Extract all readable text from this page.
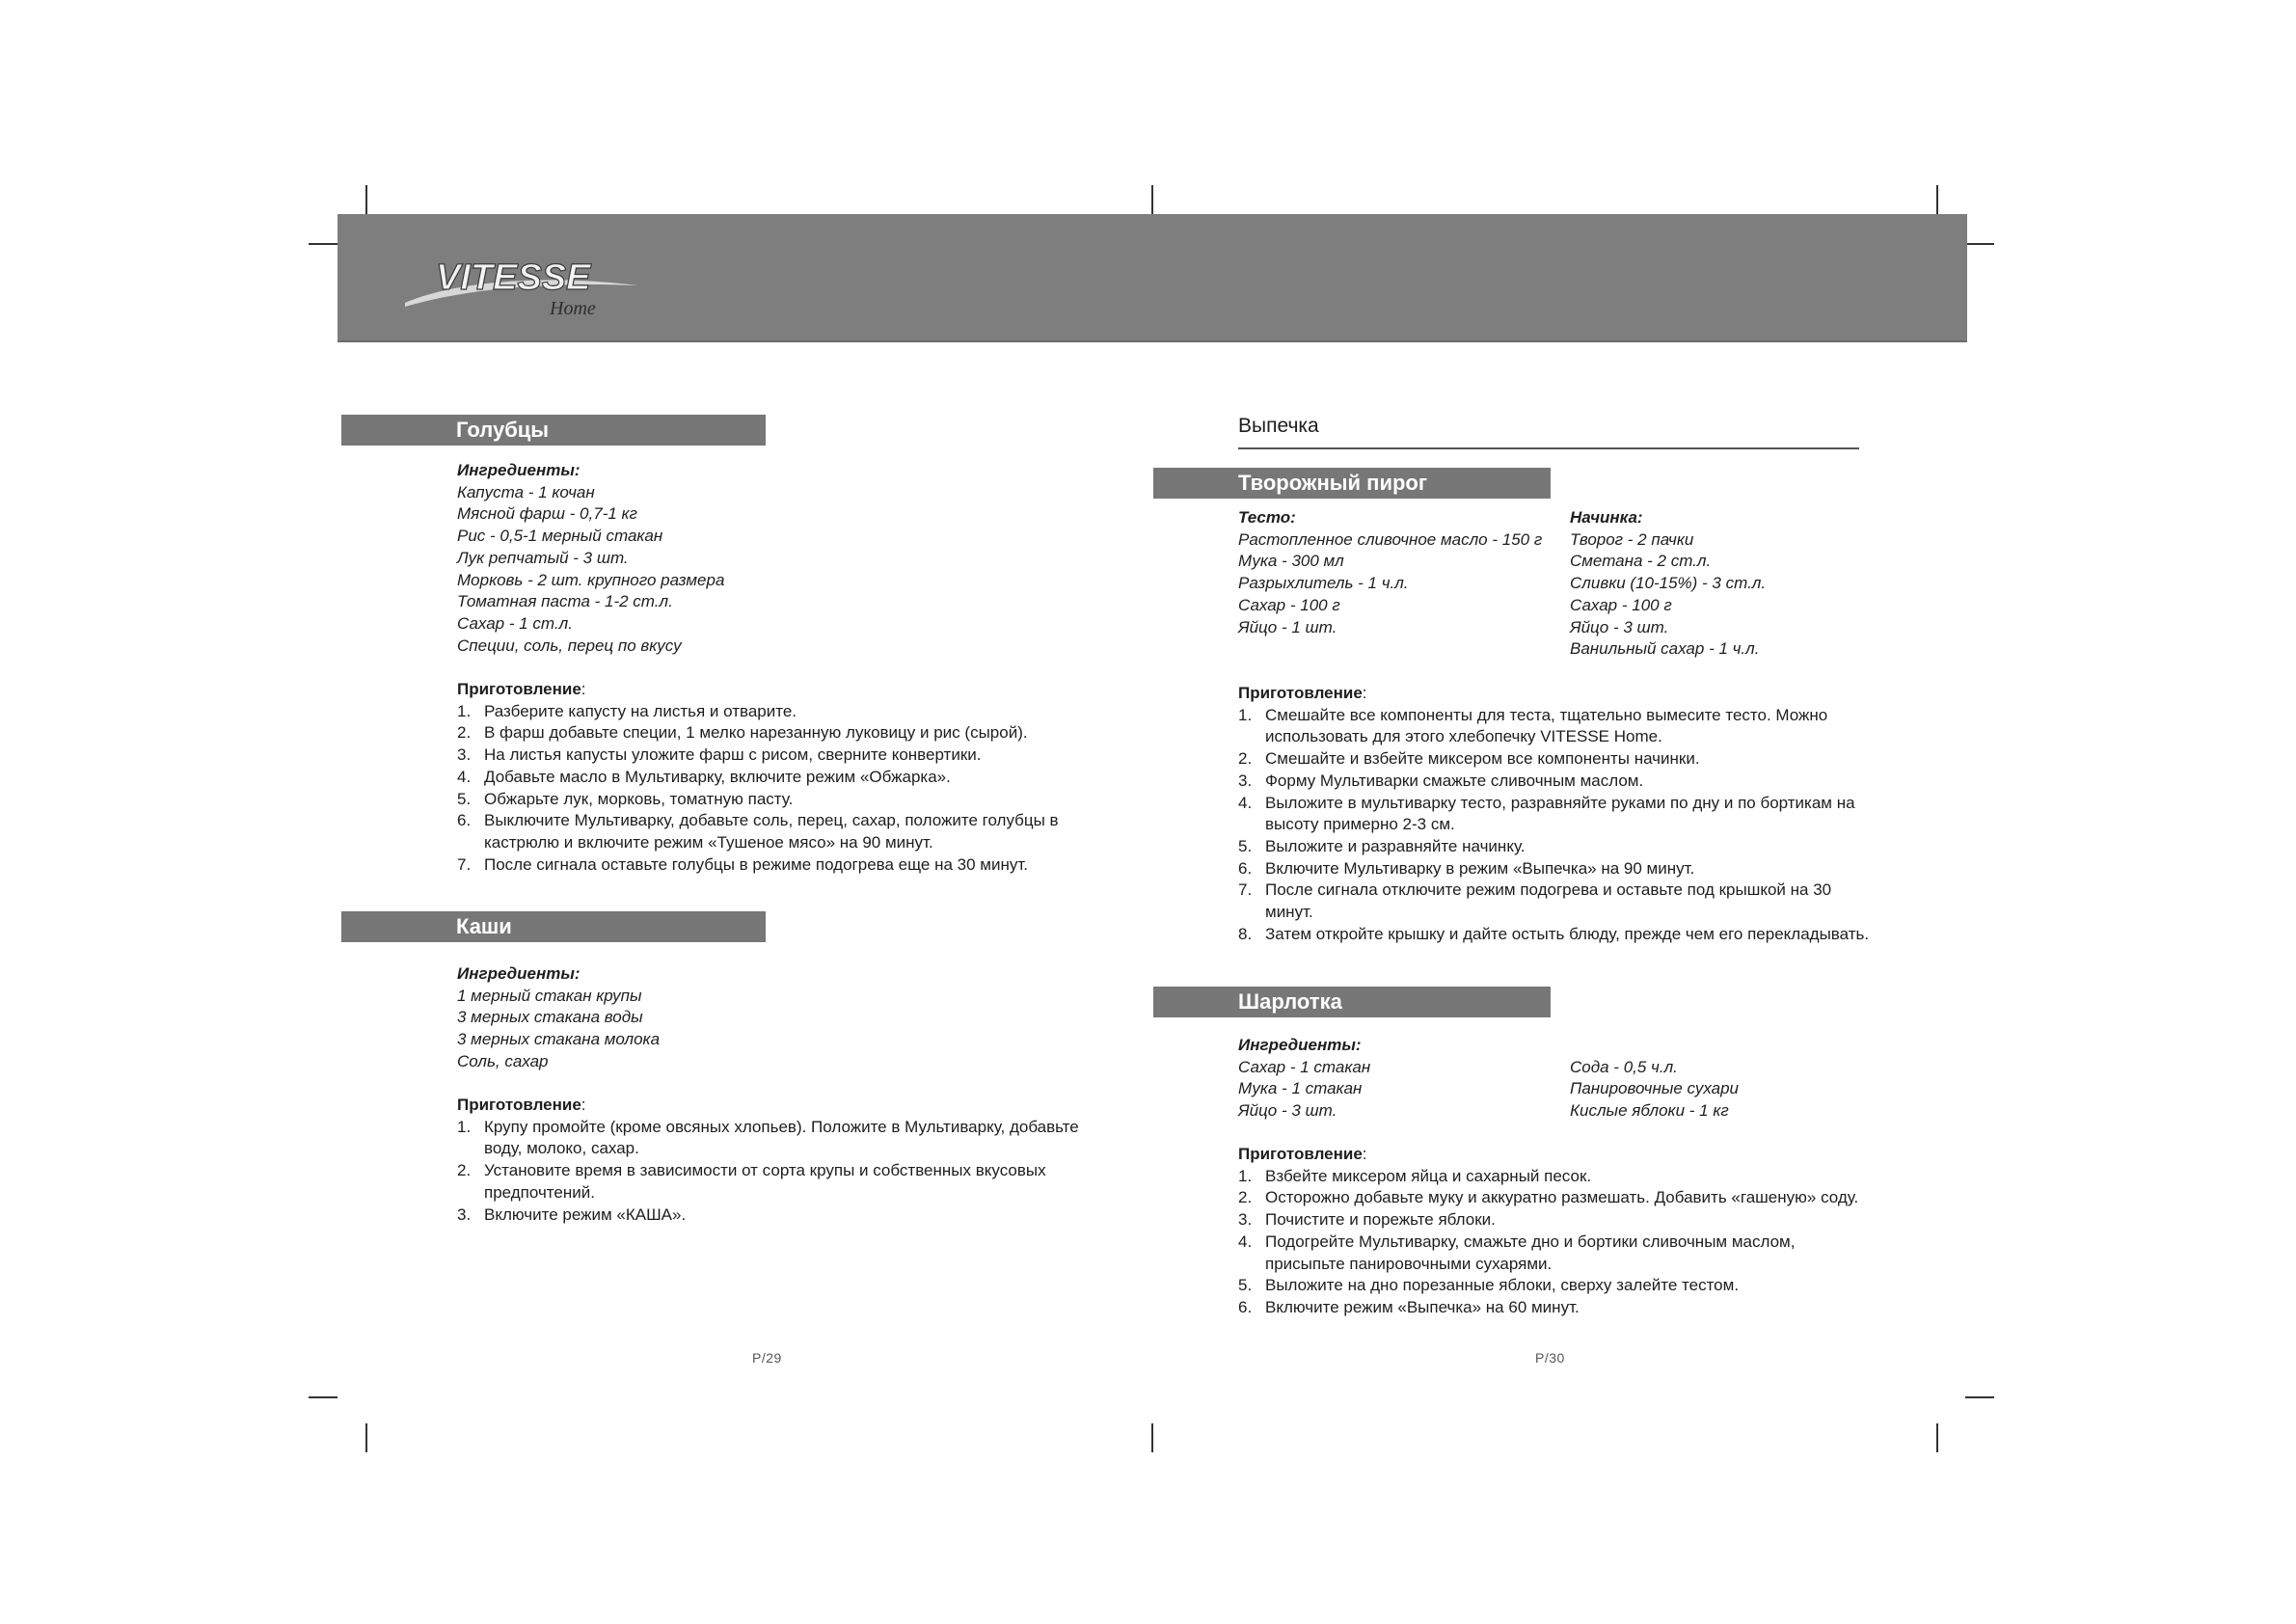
VITESSE
Home
Голубцы

Ингредиенты:

Капуста - 1 кочан

Мясной фарш - 0,7-1 кг

Рис - 0,5-1 мерный стакан

Лук репчатый - 3 шт.

Морковь - 2 шт. крупного размера

Томатная паста - 1-2 ст.л.

Сахар - 1 ст.л.

Специи, соль, перец по вкусу

Приготовление:

1. Разберите капусту на листья и отварите.
2. В фарш добавьте специи, 1 мелко нарезанную луковицу и рис (сырой).
3. На листья капусты уложите фарш с рисом, сверните конвертики.
4. Добавьте масло в Мультиварку, включите режим «Обжарка».
5. Обжарьте лук, морковь, томатную пасту.
6. Выключите Мультиварку, добавьте соль, перец, сахар, положите голубцы в
кастрюлю и включите режим «Тушеное мясо» на 90 минут.
7. После сигнала оставьте голубцы в режиме подогрева еще на 30 минут.
Каши

Ингредиенты:

1 мерный стакан крупы

3 мерных стакана воды

3 мерных стакана молока

Соль, сахар

Приготовление:

1. Крупу промойте (кроме овсяных хлопьев). Положите в Мультиварку, добавьте
воду, молоко, сахар.
2. Установите время в зависимости от сорта крупы и собственных вкусовых
предпочтений.
3. Включите режим «КАША».
P/29
Выпечка
Творожный пирог

Тесто:

Растопленное сливочное масло - 150 г

Мука - 300 мл

Разрыхлитель - 1 ч.л.

Сахар - 100 г

Яйцо - 1 шт.

Начинка:

Творог - 2 пачки

Сметана - 2 ст.л.

Сливки (10-15%) - 3 ст.л.

Сахар - 100 г

Яйцо - 3 шт.

Ванильный сахар - 1 ч.л.

Приготовление:

1. Смешайте все компоненты для теста, тщательно вымесите тесто. Можно
использовать для этого хлебопечку VITESSE Home.
2. Смешайте и взбейте миксером все компоненты начинки.
3. Форму Мультиварки смажьте сливочным маслом.
4. Выложите в мультиварку тесто, разравняйте руками по дну и по бортикам на
высоту примерно 2-3 см.
5. Выложите и разравняйте начинку.
6. Включите Мультиварку в режим «Выпечка» на 90 минут.
7. После сигнала отключите режим подогрева и оставьте под крышкой на 30
минут.
8. Затем откройте крышку и дайте остыть блюду, прежде чем его перекладывать.
Шарлотка

Ингредиенты:

Сахар - 1 стакан

Мука - 1 стакан

Яйцо - 3 шт.

Сода - 0,5 ч.л.

Панировочные сухари

Кислые яблоки - 1 кг

Приготовление:

1. Взбейте миксером яйца и сахарный песок.
2. Осторожно добавьте муку и аккуратно размешать. Добавить «гашеную» соду.
3. Почистите и порежьте яблоки.
4. Подогрейте Мультиварку, смажьте дно и бортики сливочным маслом,
присыпьте панировочными сухарями.
5. Выложите на дно порезанные яблоки, сверху залейте тестом.
6. Включите режим «Выпечка» на 60 минут.
P/30
